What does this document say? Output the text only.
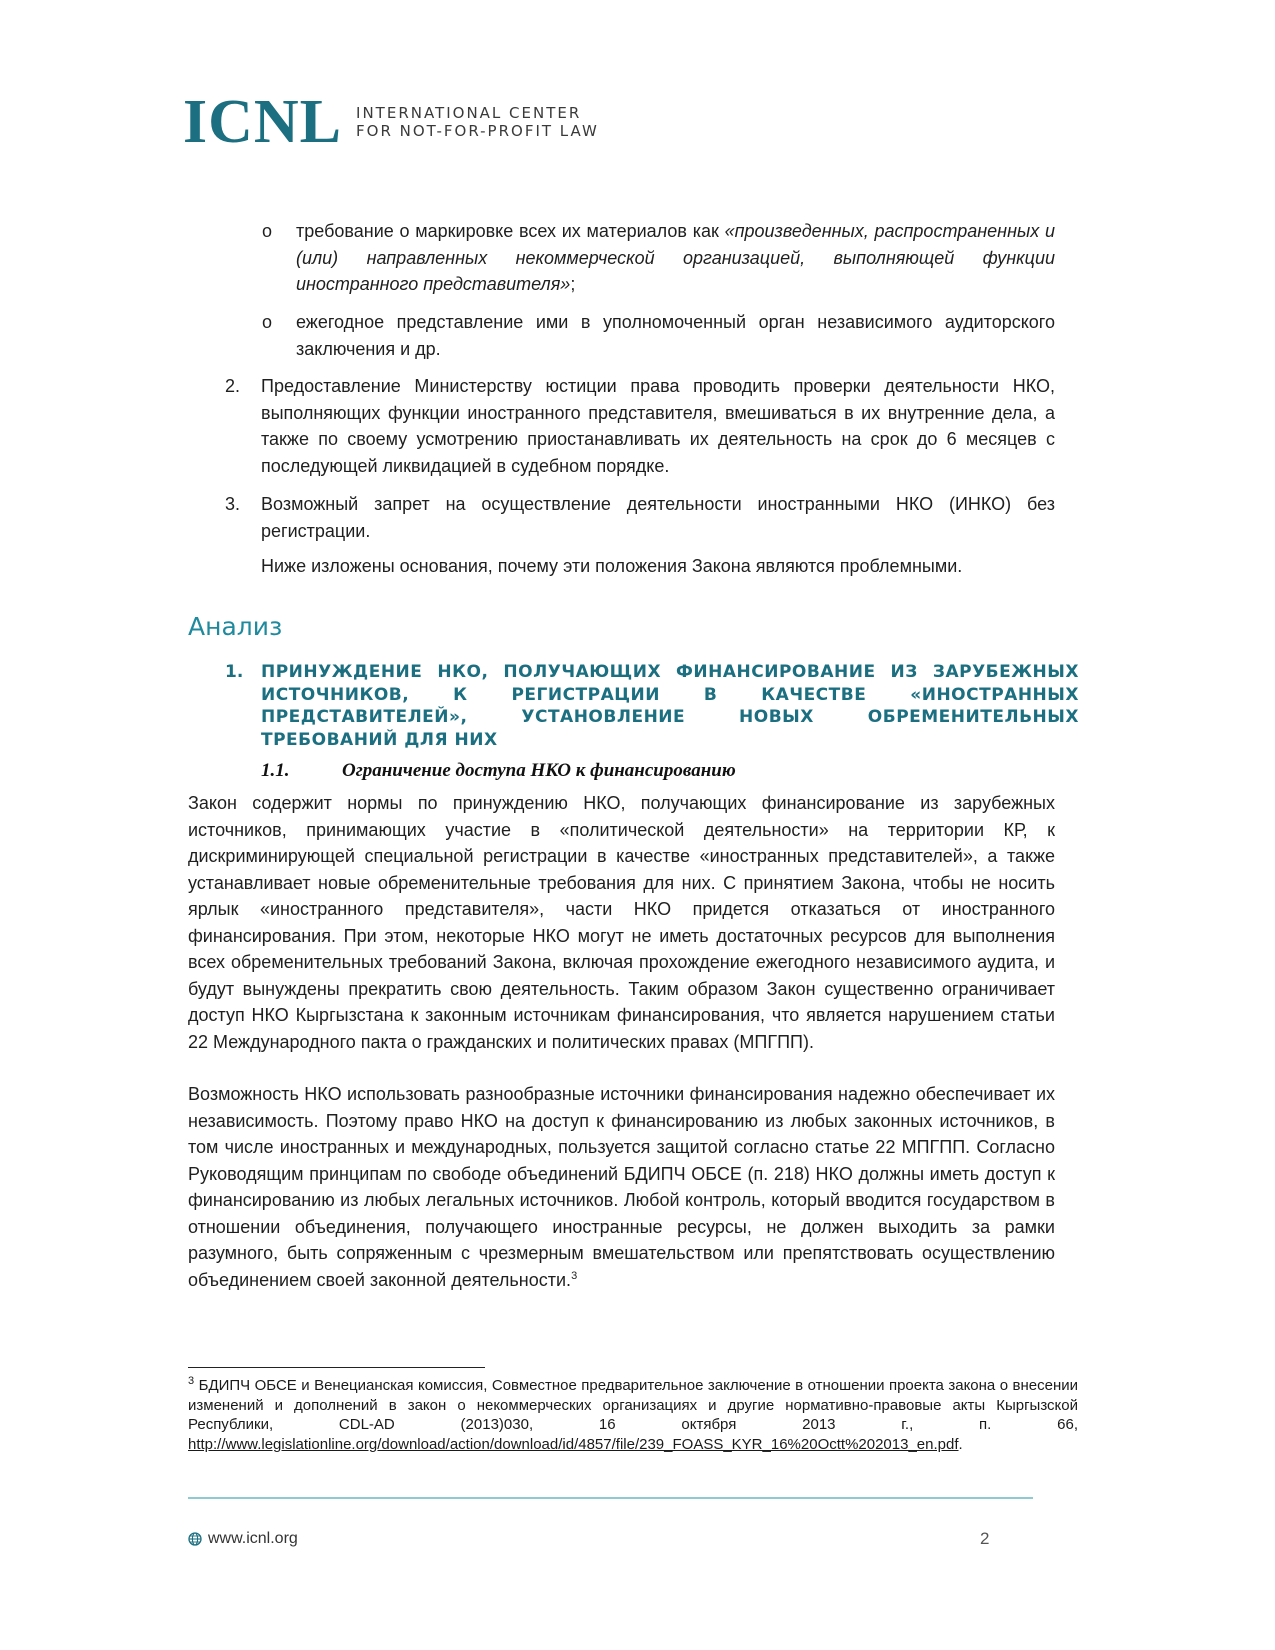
ICNL INTERNATIONAL CENTER
FOR NOT-FOR-PROFIT LAW
o требование о маркировке всех их материалов как «произведенных, распространенных и (или) направленных некоммерческой организацией, выполняющей функции иностранного представителя»;
o ежегодное представление ими в уполномоченный орган независимого аудиторского заключения и др.
2. Предоставление Министерству юстиции права проводить проверки деятельности НКО, выполняющих функции иностранного представителя, вмешиваться в их внутренние дела, а также по своему усмотрению приостанавливать их деятельность на срок до 6 месяцев с последующей ликвидацией в судебном порядке.
3. Возможный запрет на осуществление деятельности иностранными НКО (ИНКО) без регистрации.
Ниже изложены основания, почему эти положения Закона являются проблемными.
Анализ
1. ПРИНУЖДЕНИЕ НКО, ПОЛУЧАЮЩИХ ФИНАНСИРОВАНИЕ ИЗ ЗАРУБЕЖНЫХ ИСТОЧНИКОВ, К РЕГИСТРАЦИИ В КАЧЕСТВЕ «ИНОСТРАННЫХ ПРЕДСТАВИТЕЛЕЙ», УСТАНОВЛЕНИЕ НОВЫХ ОБРЕМЕНИТЕЛЬНЫХ ТРЕБОВАНИЙ ДЛЯ НИХ
1.1.	Ограничение доступа НКО к финансированию
Закон содержит нормы по принуждению НКО, получающих финансирование из зарубежных источников, принимающих участие в «политической деятельности» на территории КР, к дискриминирующей специальной регистрации в качестве «иностранных представителей», а также устанавливает новые обременительные требования для них. С принятием Закона, чтобы не носить ярлык «иностранного представителя», части НКО придется отказаться от иностранного финансирования. При этом, некоторые НКО могут не иметь достаточных ресурсов для выполнения всех обременительных требований Закона, включая прохождение ежегодного независимого аудита, и будут вынуждены прекратить свою деятельность. Таким образом Закон существенно ограничивает доступ НКО Кыргызстана к законным источникам финансирования, что является нарушением статьи 22 Международного пакта о гражданских и политических правах (МПГПП).
Возможность НКО использовать разнообразные источники финансирования надежно обеспечивает их независимость. Поэтому право НКО на доступ к финансированию из любых законных источников, в том числе иностранных и международных, пользуется защитой согласно статье 22 МПГПП. Согласно Руководящим принципам по свободе объединений БДИПЧ ОБСЕ (п. 218) НКО должны иметь доступ к финансированию из любых легальных источников. Любой контроль, который вводится государством в отношении объединения, получающего иностранные ресурсы, не должен выходить за рамки разумного, быть сопряженным с чрезмерным вмешательством или препятствовать осуществлению объединением своей законной деятельности.$^3$
$^3$ БДИПЧ ОБСЕ и Венецианская комиссия, Совместное предварительное заключение в отношении проекта закона о внесении изменений и дополнений в закон о некоммерческих организациях и другие нормативно-правовые акты Кыргызской Республики, CDL-AD (2013)030, 16 октября 2013 г., п. 66, http://www.legislationline.org/download/action/download/id/4857/file/239_FOASS_KYR_16%20Octt%202013_en.pdf.
www.icnl.org	2
